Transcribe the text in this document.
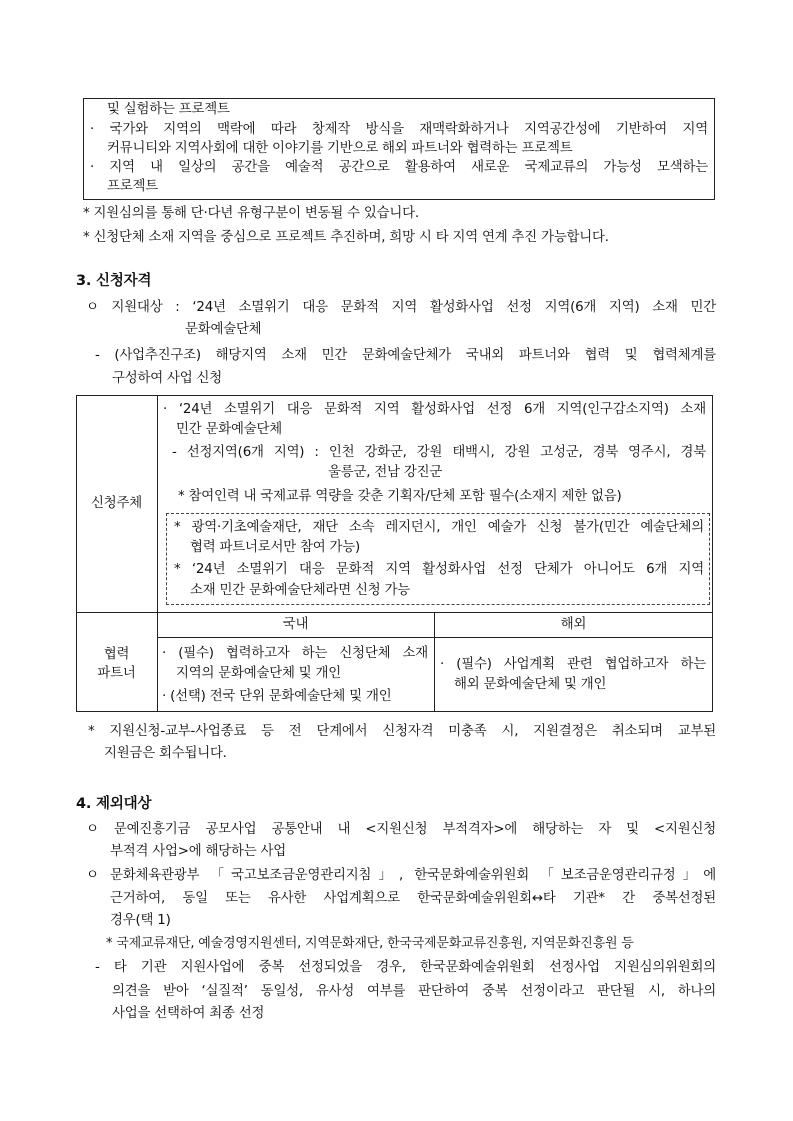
및 실험하는 프로젝트
· 국가와 지역의 맥락에 따라 창제작 방식을 재맥락화하거나 지역공간성에 기반하여 지역
커뮤니티와 지역사회에 대한 이야기를 기반으로 해외 파트너와 협력하는 프로젝트
· 지역 내 일상의 공간을 예술적 공간으로 활용하여 새로운 국제교류의 가능성 모색하는
프로젝트
* 지원심의를 통해 단·다년 유형구분이 변동될 수 있습니다.
* 신청단체 소재 지역을 중심으로 프로젝트 추진하며, 희망 시 타 지역 연계 추진 가능합니다.
3. 신청자격
ㅇ 지원대상 : ‘24년 소멸위기 대응 문화적 지역 활성화사업 선정 지역(6개 지역) 소재 민간
문화예술단체
- (사업추진구조) 해당지역 소재 민간 문화예술단체가 국내외 파트너와 협력 및 협력체계를
구성하여 사업 신청
신청주체
· ‘24년 소멸위기 대응 문화적 지역 활성화사업 선정 6개 지역(인구감소지역) 소재
민간 문화예술단체
- 선정지역(6개 지역) : 인천 강화군, 강원 태백시, 강원 고성군, 경북 영주시, 경북
울릉군, 전남 강진군
* 참여인력 내 국제교류 역량을 갖춘 기획자/단체 포함 필수(소재지 제한 없음)
* 광역·기초예술재단, 재단 소속 레지던시, 개인 예술가 신청 불가(민간 예술단체의
협력 파트너로서만 참여 가능)
* ‘24년 소멸위기 대응 문화적 지역 활성화사업 선정 단체가 아니어도 6개 지역
소재 민간 문화예술단체라면 신청 가능
협력
파트너
국내	해외
· (필수) 협력하고자 하는 신청단체 소재
지역의 문화예술단체 및 개인
· (선택) 전국 단위 문화예술단체 및 개인
· (필수) 사업계획 관련 협업하고자 하는
해외 문화예술단체 및 개인
* 지원신청-교부-사업종료 등 전 단계에서 신청자격 미충족 시, 지원결정은 취소되며 교부된
지원금은 회수됩니다.
4. 제외대상
ㅇ 문예진흥기금 공모사업 공통안내 내 <지원신청 부적격자>에 해당하는 자 및 <지원신청
부적격 사업>에 해당하는 사업
ㅇ 문화체육관광부 「국고보조금운영관리지침」, 한국문화예술위원회 「보조금운영관리규정」에
근거하여, 동일 또는 유사한 사업계획으로 한국문화예술위원회↔타 기관* 간 중복선정된
경우(택 1)
* 국제교류재단, 예술경영지원센터, 지역문화재단, 한국국제문화교류진흥원, 지역문화진흥원 등
- 타 기관 지원사업에 중복 선정되었을 경우, 한국문화예술위원회 선정사업 지원심의위원회의
의견을 받아 ‘실질적’ 동일성, 유사성 여부를 판단하여 중복 선정이라고 판단될 시, 하나의
사업을 선택하여 최종 선정
